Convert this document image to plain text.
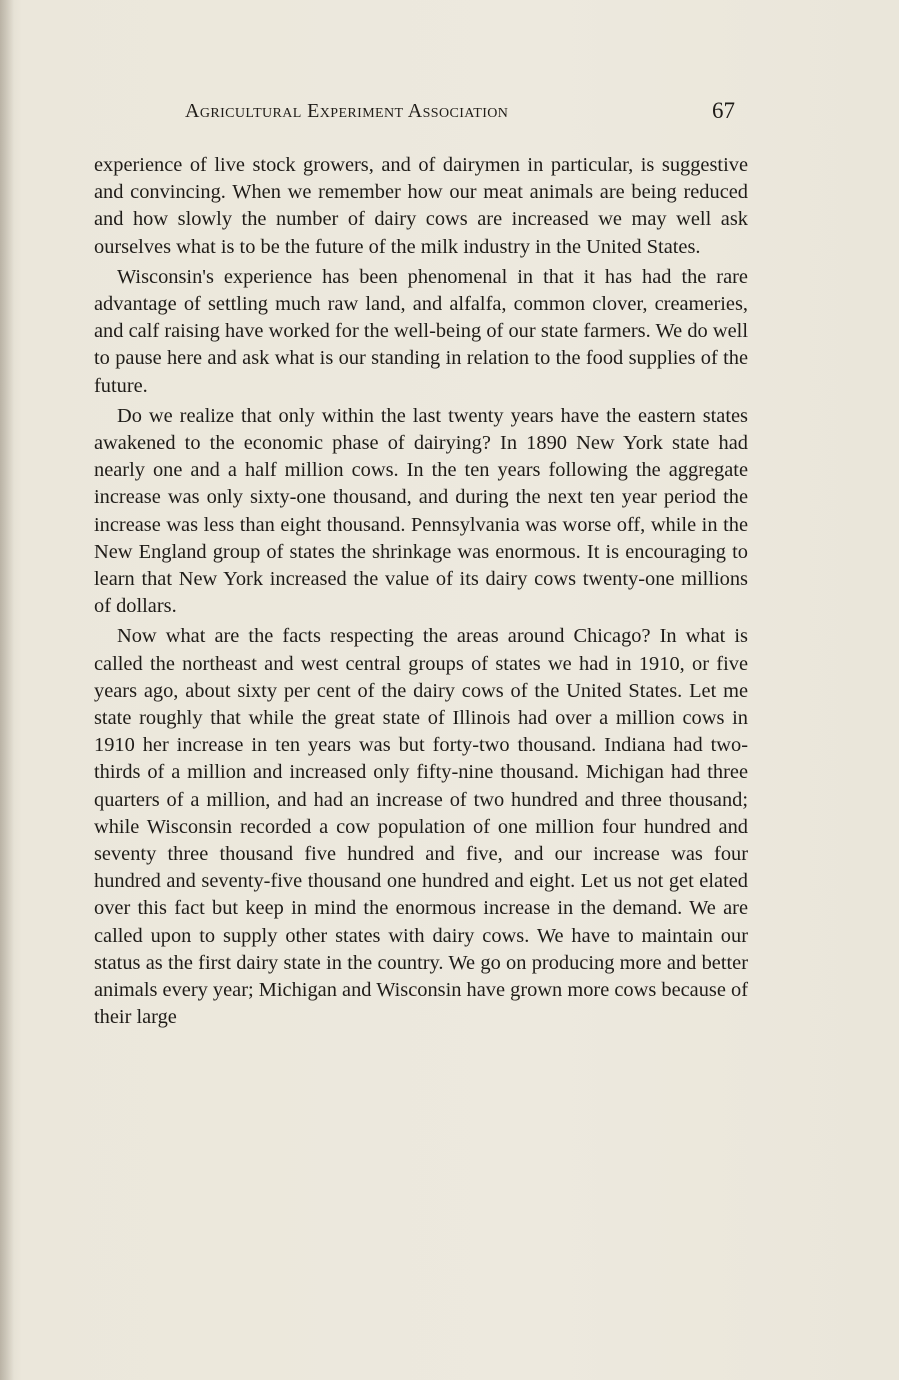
Agricultural Experiment Association	67

experience of live stock growers, and of dairymen in particular, is suggestive and convincing. When we remember how our meat animals are being reduced and how slowly the number of dairy cows are increased we may well ask ourselves what is to be the future of the milk industry in the United States.

Wisconsin's experience has been phenomenal in that it has had the rare advantage of settling much raw land, and alfalfa, common clover, creameries, and calf raising have worked for the well-being of our state farmers. We do well to pause here and ask what is our standing in relation to the food supplies of the future.

Do we realize that only within the last twenty years have the eastern states awakened to the economic phase of dairying? In 1890 New York state had nearly one and a half million cows. In the ten years following the aggregate increase was only sixty-one thousand, and during the next ten year period the increase was less than eight thousand. Pennsylvania was worse off, while in the New England group of states the shrinkage was enormous. It is encouraging to learn that New York increased the value of its dairy cows twenty-one millions of dollars.

Now what are the facts respecting the areas around Chicago? In what is called the northeast and west central groups of states we had in 1910, or five years ago, about sixty per cent of the dairy cows of the United States. Let me state roughly that while the great state of Illinois had over a million cows in 1910 her increase in ten years was but forty-two thousand. Indiana had two-thirds of a million and increased only fifty-nine thousand. Michigan had three quarters of a million, and had an increase of two hundred and three thousand; while Wisconsin recorded a cow population of one million four hundred and seventy three thousand five hundred and five, and our increase was four hundred and seventy-five thousand one hundred and eight. Let us not get elated over this fact but keep in mind the enormous increase in the demand. We are called upon to supply other states with dairy cows. We have to maintain our status as the first dairy state in the country. We go on producing more and better animals every year; Michigan and Wisconsin have grown more cows because of their large
